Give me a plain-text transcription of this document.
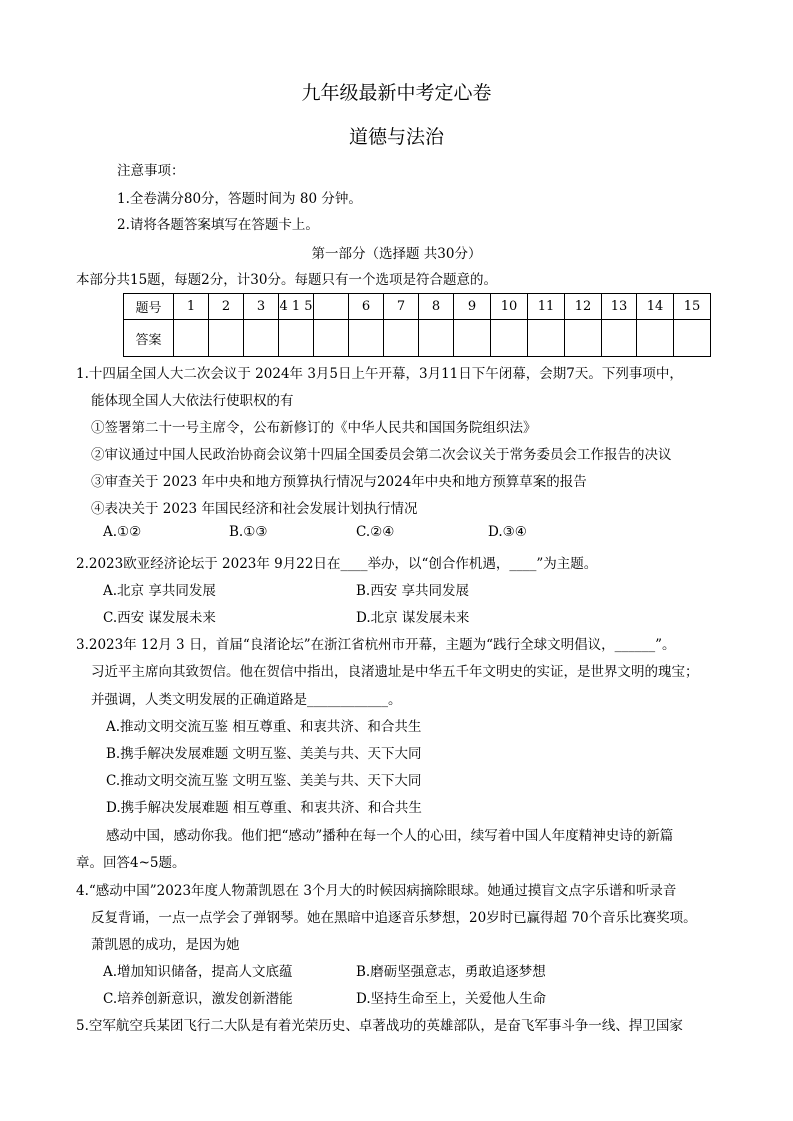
九年级最新中考定心卷
道德与法治
注意事项：
1.全卷满分80分，答题时间为 80 分钟。
2.请将各题答案填写在答题卡上。
第一部分（选择题 共30分）
本部分共15题，每题2分，计30分。每题只有一个选项是符合题意的。
题号	1	2	3	4 1 5		6	7	8	9	10	11	12	13	14	15
答案															
1.十四届全国人大二次会议于 2024年 3月5日上午开幕，3月11日下午闭幕，会期7天。下列事项中，
能体现全国人大依法行使职权的有
①签署第二十一号主席令，公布新修订的《中华人民共和国国务院组织法》
②审议通过中国人民政治协商会议第十四届全国委员会第二次会议关于常务委员会工作报告的决议
③审查关于 2023 年中央和地方预算执行情况与2024年中央和地方预算草案的报告
④表决关于 2023 年国民经济和社会发展计划执行情况
A.①②	B.①③	C.②④	D.③④
2.2023欧亚经济论坛于 2023年 9月22日在____举办，以“创合作机遇，____”为主题。
A.北京 享共同发展	B.西安 享共同发展
C.西安 谋发展未来	D.北京 谋发展未来
3.2023年 12月 3 日，首届“良渚论坛”在浙江省杭州市开幕，主题为“践行全球文明倡议，______”。
习近平主席向其致贺信。他在贺信中指出，良渚遗址是中华五千年文明史的实证，是世界文明的瑰宝；
并强调，人类文明发展的正确道路是____________。
A.推动文明交流互鉴 相互尊重、和衷共济、和合共生
B.携手解决发展难题 文明互鉴、美美与共、天下大同
C.推动文明交流互鉴 文明互鉴、美美与共、天下大同
D.携手解决发展难题 相互尊重、和衷共济、和合共生
感动中国，感动你我。他们把“感动”播种在每一个人的心田，续写着中国人年度精神史诗的新篇
章。回答4~5题。
4.“感动中国”2023年度人物萧凯恩在 3个月大的时候因病摘除眼球。她通过摸盲文点字乐谱和听录音
反复背诵，一点一点学会了弹钢琴。她在黑暗中追逐音乐梦想，20岁时已赢得超 70个音乐比赛奖项。
萧凯恩的成功，是因为她
A.增加知识储备，提高人文底蕴	B.磨砺坚强意志，勇敢追逐梦想
C.培养创新意识，激发创新潜能	D.坚持生命至上，关爱他人生命
5.空军航空兵某团飞行二大队是有着光荣历史、卓著战功的英雄部队，是奋飞军事斗争一线、捍卫国家
